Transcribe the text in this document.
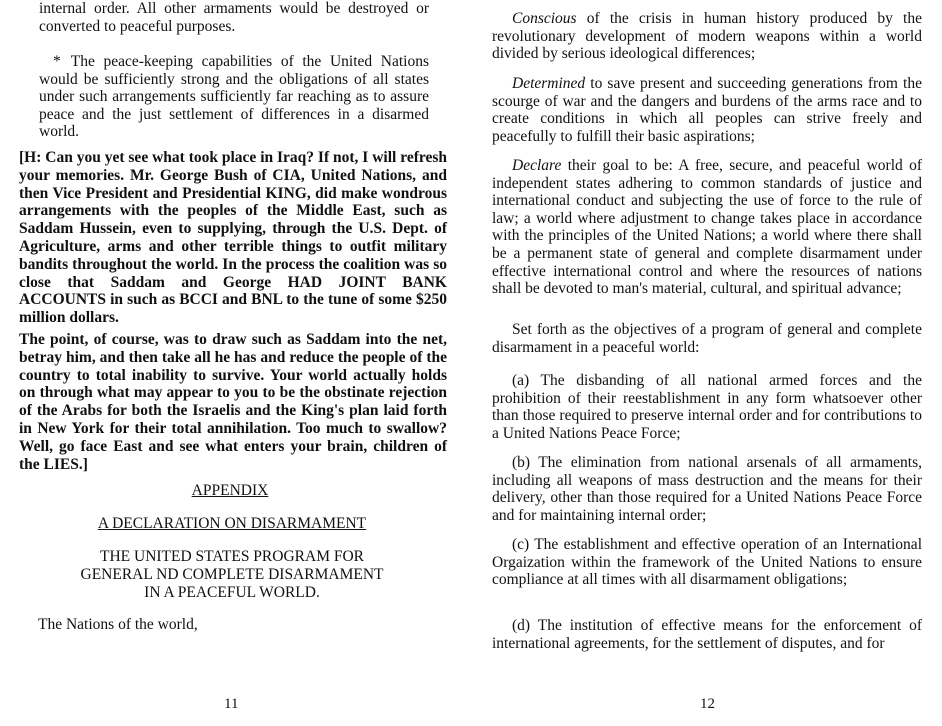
internal order. All other armaments would be destroyed or converted to peaceful purposes.

* The peace-keeping capabilities of the United Nations would be sufficiently strong and the obligations of all states under such arrangements sufficiently far reaching as to assure peace and the just settlement of differences in a disarmed world.

[H: Can you yet see what took place in Iraq? If not, I will refresh your memories. Mr. George Bush of CIA, United Nations, and then Vice President and Presidential KING, did make wondrous arrangements with the peoples of the Middle East, such as Saddam Hussein, even to supplying, through the U.S. Dept. of Agriculture, arms and other terrible things to outfit military bandits throughout the world. In the process the coalition was so close that Saddam and George HAD JOINT BANK ACCOUNTS in such as BCCI and BNL to the tune of some $250 million dollars.

The point, of course, was to draw such as Saddam into the net, betray him, and then take all he has and reduce the people of the country to total inability to survive. Your world actually holds on through what may appear to you to be the obstinate rejection of the Arabs for both the Israelis and the King's plan laid forth in New York for their total annihilation. Too much to swallow? Well, go face East and see what enters your brain, children of the LIES.]

APPENDIX
A DECLARATION ON DISARMAMENT
THE UNITED STATES PROGRAM FOR
GENERAL ND COMPLETE DISARMAMENT
IN A PEACEFUL WORLD.
The Nations of the world,
11

Conscious of the crisis in human history produced by the revolutionary development of modern weapons within a world divided by serious ideological differences;

Determined to save present and succeeding generations from the scourge of war and the dangers and burdens of the arms race and to create conditions in which all peoples can strive freely and peacefully to fulfill their basic aspirations;

Declare their goal to be: A free, secure, and peaceful world of independent states adhering to common standards of justice and international conduct and subjecting the use of force to the rule of law; a world where adjustment to change takes place in accordance with the principles of the United Nations; a world where there shall be a permanent state of general and complete disarmament under effective international control and where the resources of nations shall be devoted to man's material, cultural, and spiritual advance;

Set forth as the objectives of a program of general and complete disarmament in a peaceful world:

(a) The disbanding of all national armed forces and the prohibition of their reestablishment in any form whatsoever other than those required to preserve internal order and for contributions to a United Nations Peace Force;

(b) The elimination from national arsenals of all armaments, including all weapons of mass destruction and the means for their delivery, other than those required for a United Nations Peace Force and for maintaining internal order;

(c) The establishment and effective operation of an International Orgaization within the framework of the United Nations to ensure compliance at all times with all disarmament obligations;

(d) The institution of effective means for the enforcement of international agreements, for the settlement of disputes, and for

12
